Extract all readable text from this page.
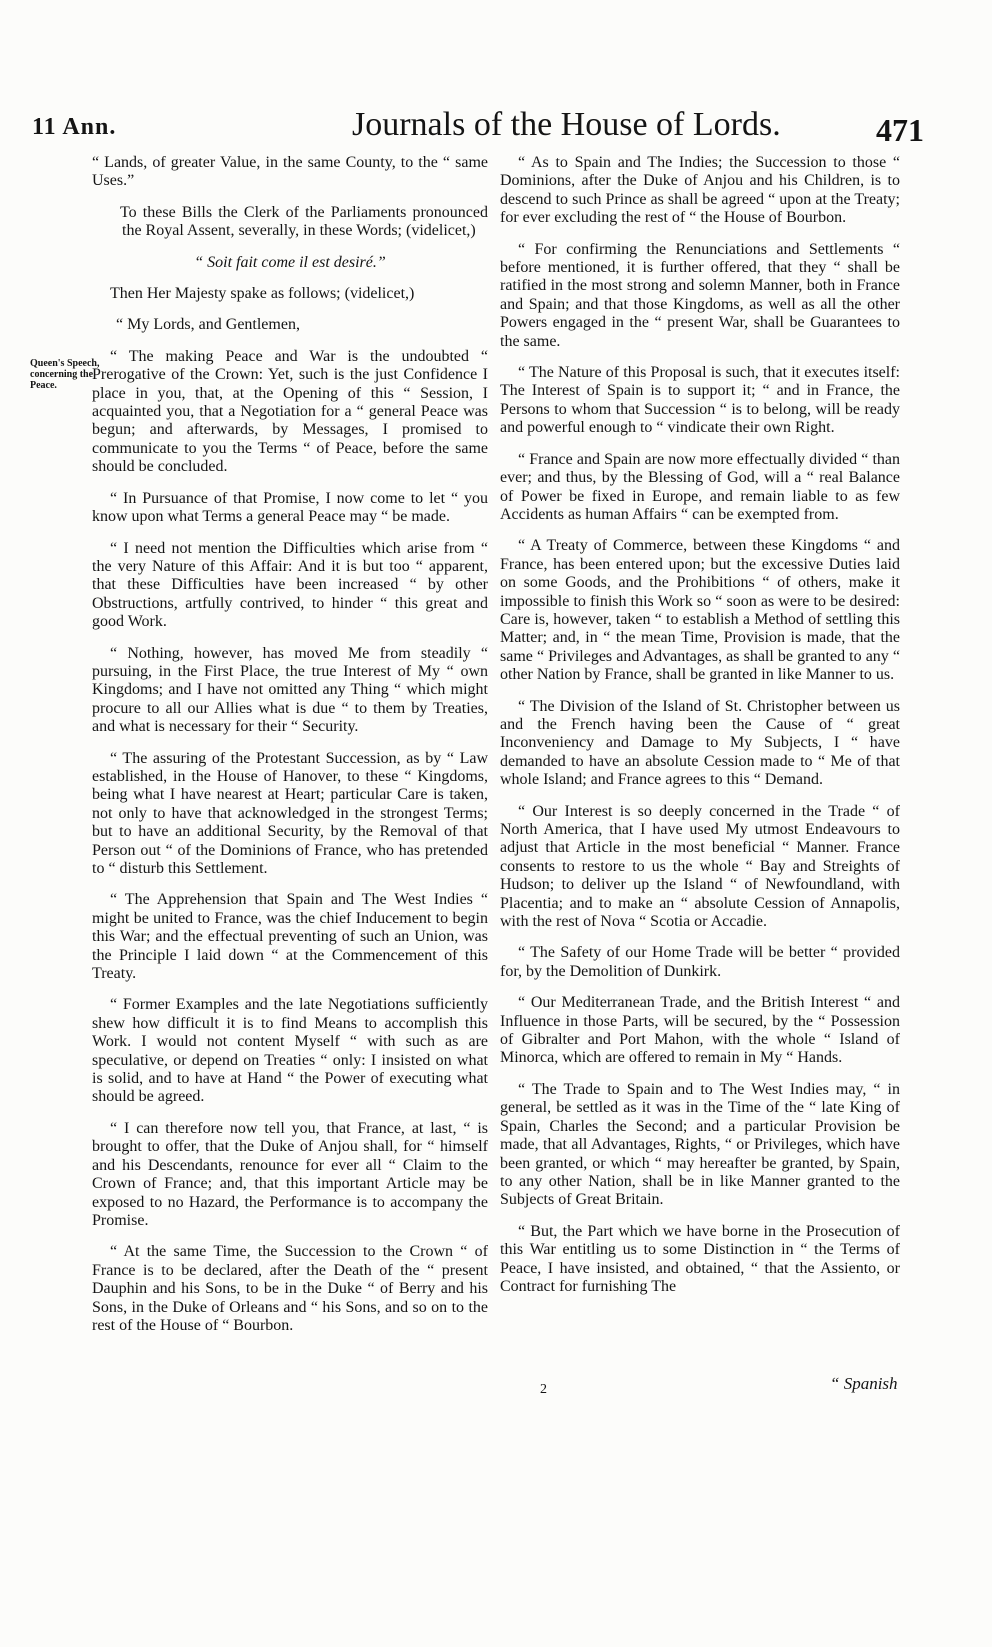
11 Ann.	Journals of the House of Lords.	471
Queen's Speech, concerning the Peace.

“ Lands, of greater Value, in the same County, to the “ same Uses.”

To these Bills the Clerk of the Parliaments pronounced the Royal Assent, severally, in these Words; (videlicet,)

“ Soit fait come il est desiré.”

Then Her Majesty spake as follows; (videlicet,)

“ My Lords, and Gentlemen,

“ The making Peace and War is the undoubted “ Prerogative of the Crown: Yet, such is the just Confidence I place in you, that, at the Opening of this “ Session, I acquainted you, that a Negotiation for a “ general Peace was begun; and afterwards, by Messages, I promised to communicate to you the Terms “ of Peace, before the same should be concluded.

“ In Pursuance of that Promise, I now come to let “ you know upon what Terms a general Peace may “ be made.

“ I need not mention the Difficulties which arise from “ the very Nature of this Affair: And it is but too “ apparent, that these Difficulties have been increased “ by other Obstructions, artfully contrived, to hinder “ this great and good Work.

“ Nothing, however, has moved Me from steadily “ pursuing, in the First Place, the true Interest of My “ own Kingdoms; and I have not omitted any Thing “ which might procure to all our Allies what is due “ to them by Treaties, and what is necessary for their “ Security.

“ The assuring of the Protestant Succession, as by “ Law established, in the House of Hanover, to these “ Kingdoms, being what I have nearest at Heart; particular Care is taken, not only to have that acknowledged in the strongest Terms; but to have an additional Security, by the Removal of that Person out “ of the Dominions of France, who has pretended to “ disturb this Settlement.

“ The Apprehension that Spain and The West Indies “ might be united to France, was the chief Inducement to begin this War; and the effectual preventing of such an Union, was the Principle I laid down “ at the Commencement of this Treaty.

“ Former Examples and the late Negotiations sufficiently shew how difficult it is to find Means to accomplish this Work. I would not content Myself “ with such as are speculative, or depend on Treaties “ only: I insisted on what is solid, and to have at Hand “ the Power of executing what should be agreed.

“ I can therefore now tell you, that France, at last, “ is brought to offer, that the Duke of Anjou shall, for “ himself and his Descendants, renounce for ever all “ Claim to the Crown of France; and, that this important Article may be exposed to no Hazard, the Performance is to accompany the Promise.

“ At the same Time, the Succession to the Crown “ of France is to be declared, after the Death of the “ present Dauphin and his Sons, to be in the Duke “ of Berry and his Sons, in the Duke of Orleans and “ his Sons, and so on to the rest of the House of “ Bourbon.

“ As to Spain and The Indies; the Succession to those “ Dominions, after the Duke of Anjou and his Children, is to descend to such Prince as shall be agreed “ upon at the Treaty; for ever excluding the rest of “ the House of Bourbon.

“ For confirming the Renunciations and Settlements “ before mentioned, it is further offered, that they “ shall be ratified in the most strong and solemn Manner, both in France and Spain; and that those Kingdoms, as well as all the other Powers engaged in the “ present War, shall be Guarantees to the same.

“ The Nature of this Proposal is such, that it executes itself: The Interest of Spain is to support it; “ and in France, the Persons to whom that Succession “ is to belong, will be ready and powerful enough to “ vindicate their own Right.

“ France and Spain are now more effectually divided “ than ever; and thus, by the Blessing of God, will a “ real Balance of Power be fixed in Europe, and remain liable to as few Accidents as human Affairs “ can be exempted from.

“ A Treaty of Commerce, between these Kingdoms “ and France, has been entered upon; but the excessive Duties laid on some Goods, and the Prohibitions “ of others, make it impossible to finish this Work so “ soon as were to be desired: Care is, however, taken “ to establish a Method of settling this Matter; and, in “ the mean Time, Provision is made, that the same “ Privileges and Advantages, as shall be granted to any “ other Nation by France, shall be granted in like Manner to us.

“ The Division of the Island of St. Christopher between us and the French having been the Cause of “ great Inconveniency and Damage to My Subjects, I “ have demanded to have an absolute Cession made to “ Me of that whole Island; and France agrees to this “ Demand.

“ Our Interest is so deeply concerned in the Trade “ of North America, that I have used My utmost Endeavours to adjust that Article in the most beneficial “ Manner. France consents to restore to us the whole “ Bay and Streights of Hudson; to deliver up the Island “ of Newfoundland, with Placentia; and to make an “ absolute Cession of Annapolis, with the rest of Nova “ Scotia or Accadie.

“ The Safety of our Home Trade will be better “ provided for, by the Demolition of Dunkirk.

“ Our Mediterranean Trade, and the British Interest “ and Influence in those Parts, will be secured, by the “ Possession of Gibralter and Port Mahon, with the whole “ Island of Minorca, which are offered to remain in My “ Hands.

“ The Trade to Spain and to The West Indies may, “ in general, be settled as it was in the Time of the “ late King of Spain, Charles the Second; and a particular Provision be made, that all Advantages, Rights, “ or Privileges, which have been granted, or which “ may hereafter be granted, by Spain, to any other Nation, shall be in like Manner granted to the Subjects of Great Britain.

“ But, the Part which we have borne in the Prosecution of this War entitling us to some Distinction in “ the Terms of Peace, I have insisted, and obtained, “ that the Assiento, or Contract for furnishing The

2	“ Spanish
